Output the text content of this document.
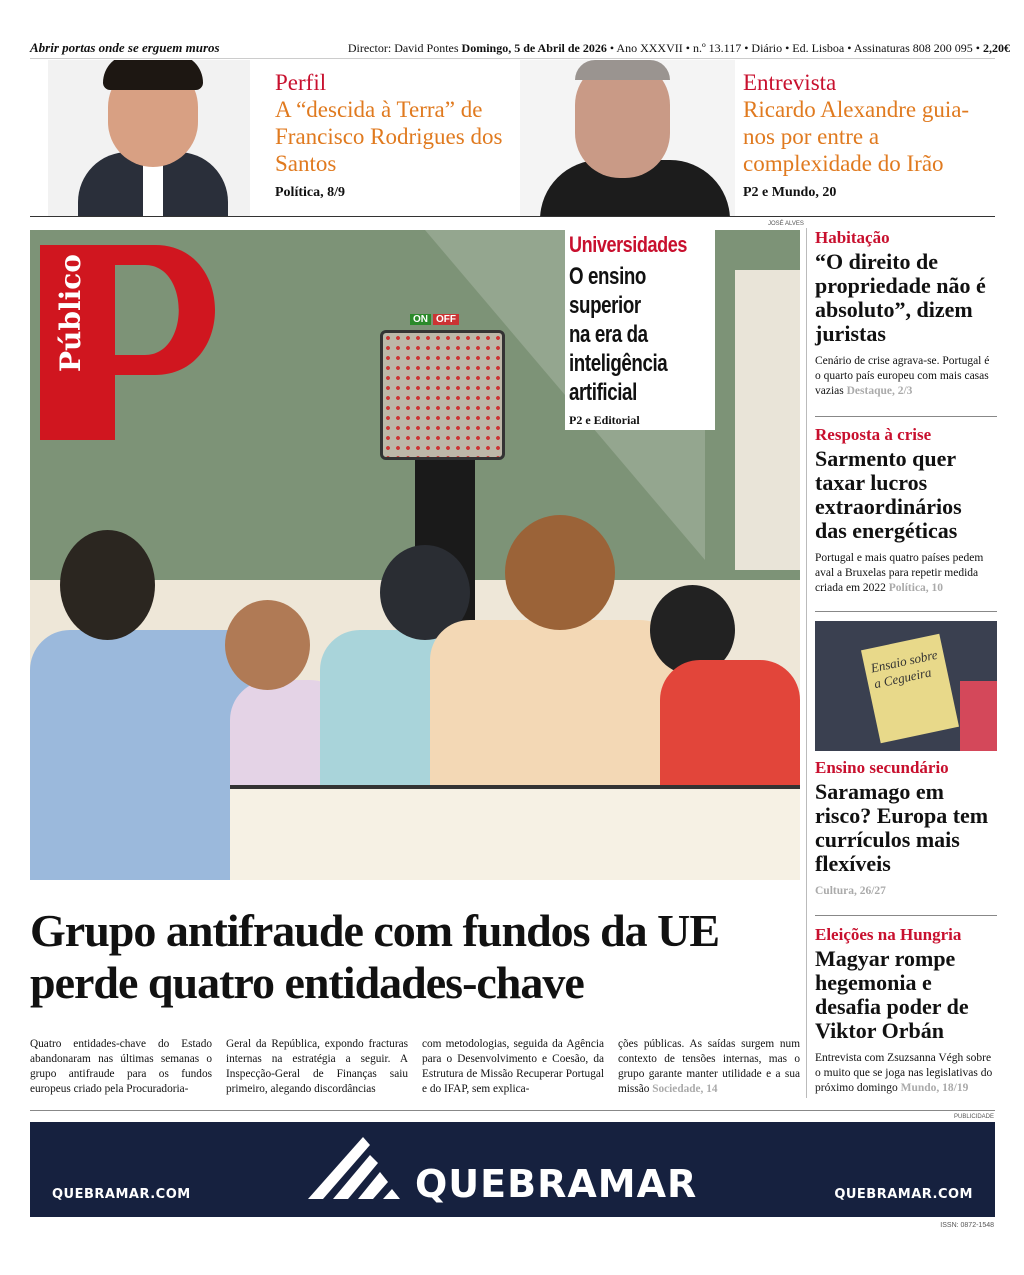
Abrir portas onde se erguem muros	Director: David Pontes Domingo, 5 de Abril de 2026 • Ano XXXVII • n.º 13.117 • Diário • Ed. Lisboa • Assinaturas 808 200 095 • 2,20€
Perfil
A “descida à Terra” de Francisco Rodrigues dos Santos
Política, 8/9
Entrevista
Ricardo Alexandre guia-nos por entre a complexidade do Irão
P2 e Mundo, 20
JOSÉ ALVES
ON OFF
Público
Universidades
O ensino
superior
na era da
inteligência
artificial
P2 e Editorial
Grupo antifraude com fundos da UE perde quatro entidades-chave
Quatro entidades-chave do Estado abandonaram nas últimas semanas o grupo antifraude para os fundos europeus criado pela Procuradoria-
Geral da República, expondo fracturas internas na estratégia a seguir. A Inspecção-Geral de Finanças saiu primeiro, alegando discordâncias
com metodologias, seguida da Agência para o Desenvolvimento e Coesão, da Estrutura de Missão Recuperar Portugal e do IFAP, sem explica-
ções públicas. As saídas surgem num contexto de tensões internas, mas o grupo garante manter utilidade e a sua missão Sociedade, 14
Habitação
“O direito de propriedade não é absoluto”, dizem juristas
Cenário de crise agrava-se. Portugal é o quarto país europeu com mais casas vazias Destaque, 2/3
Resposta à crise
Sarmento quer taxar lucros extraordinários das energéticas
Portugal e mais quatro países pedem aval a Bruxelas para repetir medida criada em 2022 Política, 10
Ensaio sobre a Cegueira
Ensino secundário
Saramago em risco? Europa tem currículos mais flexíveis
Cultura, 26/27
Eleições na Hungria
Magyar rompe hegemonia e desafia poder de Viktor Orbán
Entrevista com Zsuzsanna Végh sobre o muito que se joga nas legislativas do próximo domingo Mundo, 18/19
PUBLICIDADE
QUEBRAMAR.COM	QUEBRAMAR	QUEBRAMAR.COM
ISSN: 0872-1548
